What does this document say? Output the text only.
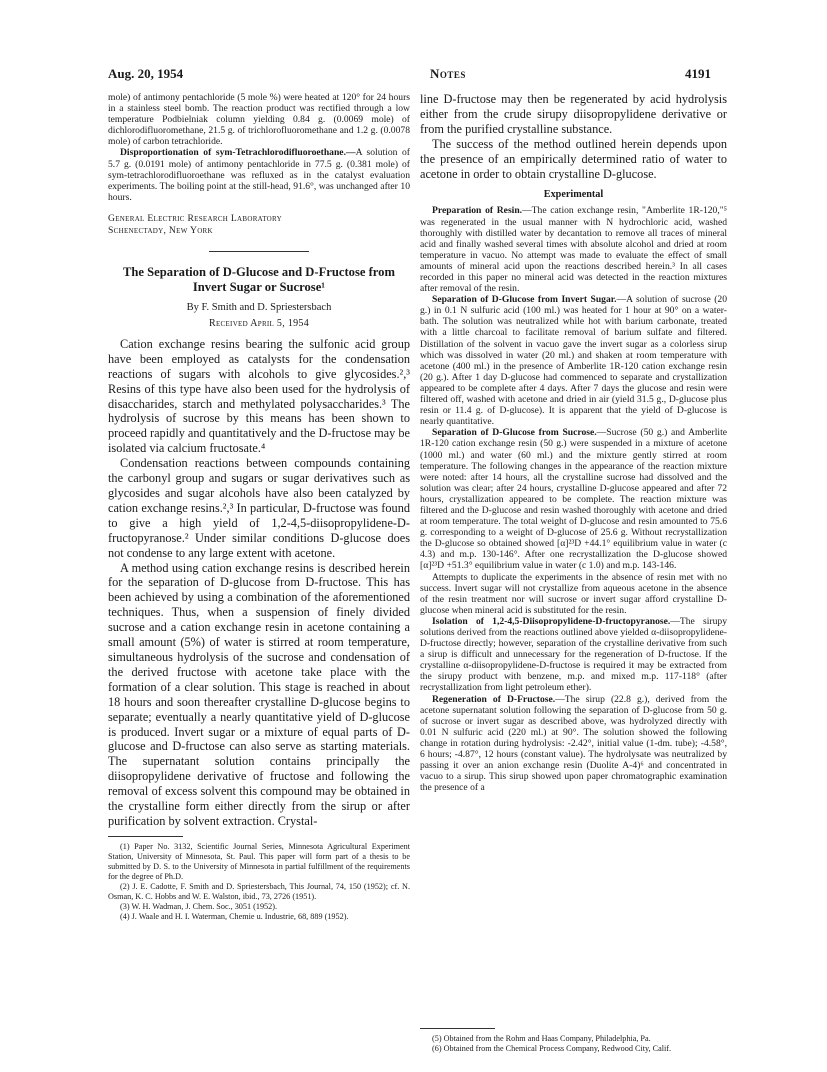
Aug. 20, 1954	Notes	4191

mole) of antimony pentachloride (5 mole %) were heated at 120° for 24 hours in a stainless steel bomb. The reaction product was rectified through a low temperature Podbielniak column yielding 0.84 g. (0.0069 mole) of dichlorodifluoromethane, 21.5 g. of trichlorofluoromethane and 1.2 g. (0.0078 mole) of carbon tetrachloride.

Disproportionation of sym-Tetrachlorodifluoroethane.—A solution of 5.7 g. (0.0191 mole) of antimony pentachloride in 77.5 g. (0.381 mole) of sym-tetrachlorodifluoroethane was refluxed as in the catalyst evaluation experiments. The boiling point at the still-head, 91.6°, was unchanged after 10 hours.

General Electric Research Laboratory
Schenectady, New York
The Separation of D-Glucose and D-Fructose from Invert Sugar or Sucrose¹
By F. Smith and D. Spriestersbach
Received April 5, 1954

Cation exchange resins bearing the sulfonic acid group have been employed as catalysts for the condensation reactions of sugars with alcohols to give glycosides.²,³ Resins of this type have also been used for the hydrolysis of disaccharides, starch and methylated polysaccharides.³ The hydrolysis of sucrose by this means has been shown to proceed rapidly and quantitatively and the D-fructose may be isolated via calcium fructosate.⁴

Condensation reactions between compounds containing the carbonyl group and sugars or sugar derivatives such as glycosides and sugar alcohols have also been catalyzed by cation exchange resins.²,³ In particular, D-fructose was found to give a high yield of 1,2-4,5-diisopropylidene-D-fructopyranose.² Under similar conditions D-glucose does not condense to any large extent with acetone.

A method using cation exchange resins is described herein for the separation of D-glucose from D-fructose. This has been achieved by using a combination of the aforementioned techniques. Thus, when a suspension of finely divided sucrose and a cation exchange resin in acetone containing a small amount (5%) of water is stirred at room temperature, simultaneous hydrolysis of the sucrose and condensation of the derived fructose with acetone take place with the formation of a clear solution. This stage is reached in about 18 hours and soon thereafter crystalline D-glucose begins to separate; eventually a nearly quantitative yield of D-glucose is produced. Invert sugar or a mixture of equal parts of D-glucose and D-fructose can also serve as starting materials. The supernatant solution contains principally the diisopropylidene derivative of fructose and following the removal of excess solvent this compound may be obtained in the crystalline form either directly from the sirup or after purification by solvent extraction. Crystal-

(1) Paper No. 3132, Scientific Journal Series, Minnesota Agricultural Experiment Station, University of Minnesota, St. Paul. This paper will form part of a thesis to be submitted by D. S. to the University of Minnesota in partial fulfillment of the requirements for the degree of Ph.D.

(2) J. E. Cadotte, F. Smith and D. Spriestersbach, This Journal, 74, 150 (1952); cf. N. Osman, K. C. Hobbs and W. E. Walston, ibid., 73, 2726 (1951).

(3) W. H. Wadman, J. Chem. Soc., 3051 (1952).

(4) J. Waale and H. I. Waterman, Chemie u. Industrie, 68, 889 (1952).

line D-fructose may then be regenerated by acid hydrolysis either from the crude sirupy diisopropylidene derivative or from the purified crystalline substance.

The success of the method outlined herein depends upon the presence of an empirically determined ratio of water to acetone in order to obtain crystalline D-glucose.

Experimental

Preparation of Resin.—The cation exchange resin, "Amberlite 1R-120,"⁵ was regenerated in the usual manner with N hydrochloric acid, washed thoroughly with distilled water by decantation to remove all traces of mineral acid and finally washed several times with absolute alcohol and dried at room temperature in vacuo. No attempt was made to evaluate the effect of small amounts of mineral acid upon the reactions described herein.³ In all cases recorded in this paper no mineral acid was detected in the reaction mixtures after removal of the resin.

Separation of D-Glucose from Invert Sugar.—A solution of sucrose (20 g.) in 0.1 N sulfuric acid (100 ml.) was heated for 1 hour at 90° on a water-bath. The solution was neutralized while hot with barium carbonate, treated with a little charcoal to facilitate removal of barium sulfate and filtered. Distillation of the solvent in vacuo gave the invert sugar as a colorless sirup which was dissolved in water (20 ml.) and shaken at room temperature with acetone (400 ml.) in the presence of Amberlite 1R-120 cation exchange resin (20 g.). After 1 day D-glucose had commenced to separate and crystallization appeared to be complete after 4 days. After 7 days the glucose and resin were filtered off, washed with acetone and dried in air (yield 31.5 g., D-glucose plus resin or 11.4 g. of D-glucose). It is apparent that the yield of D-glucose is nearly quantitative.

Separation of D-Glucose from Sucrose.—Sucrose (50 g.) and Amberlite 1R-120 cation exchange resin (50 g.) were suspended in a mixture of acetone (1000 ml.) and water (60 ml.) and the mixture gently stirred at room temperature. The following changes in the appearance of the reaction mixture were noted: after 14 hours, all the crystalline sucrose had dissolved and the solution was clear; after 24 hours, crystalline D-glucose appeared and after 72 hours, crystallization appeared to be complete. The reaction mixture was filtered and the D-glucose and resin washed thoroughly with acetone and dried at room temperature. The total weight of D-glucose and resin amounted to 75.6 g. corresponding to a weight of D-glucose of 25.6 g. Without recrystallization the D-glucose so obtained showed [α]²³D +44.1° equilibrium value in water (c 4.3) and m.p. 130-146°. After one recrystallization the D-glucose showed [α]²³D +51.3° equilibrium value in water (c 1.0) and m.p. 143-146.

Attempts to duplicate the experiments in the absence of resin met with no success. Invert sugar will not crystallize from aqueous acetone in the absence of the resin treatment nor will sucrose or invert sugar afford crystalline D-glucose when mineral acid is substituted for the resin.

Isolation of 1,2-4,5-Diisopropylidene-D-fructopyranose.—The sirupy solutions derived from the reactions outlined above yielded α-diisopropylidene-D-fructose directly; however, separation of the crystalline derivative from such a sirup is difficult and unnecessary for the regeneration of D-fructose. If the crystalline α-diisopropylidene-D-fructose is required it may be extracted from the sirupy product with benzene, m.p. and mixed m.p. 117-118° (after recrystallization from light petroleum ether).

Regeneration of D-Fructose.—The sirup (22.8 g.), derived from the acetone supernatant solution following the separation of D-glucose from 50 g. of sucrose or invert sugar as described above, was hydrolyzed directly with 0.01 N sulfuric acid (220 ml.) at 90°. The solution showed the following change in rotation during hydrolysis: -2.42°, initial value (1-dm. tube); -4.58°, 6 hours; -4.87°, 12 hours (constant value). The hydrolysate was neutralized by passing it over an anion exchange resin (Duolite A-4)⁶ and concentrated in vacuo to a sirup. This sirup showed upon paper chromatographic examination the presence of a

(5) Obtained from the Rohm and Haas Company, Philadelphia, Pa.

(6) Obtained from the Chemical Process Company, Redwood City, Calif.
